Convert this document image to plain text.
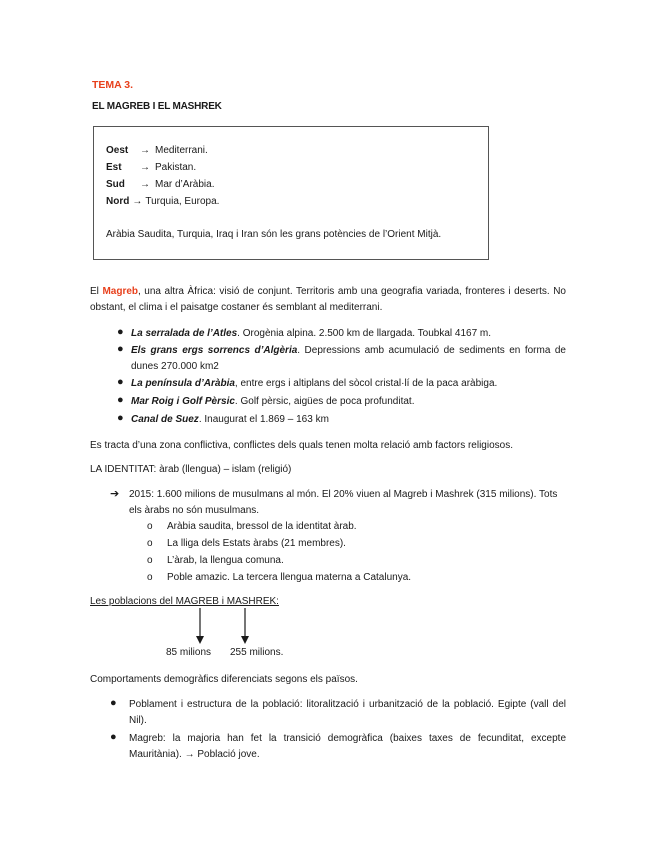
TEMA 3.
EL MAGREB I EL MASHREK
Oest → Mediterrani.
Est → Pakistan.
Sud → Mar d’Aràbia.
Nord → Turquia, Europa.
Aràbia Saudita, Turquia, Iraq i Iran són les grans potències de l’Orient Mitjà.
El Magreb, una altra Àfrica: visió de conjunt. Territoris amb una geografia variada, fronteres i deserts. No obstant, el clima i el paisatge costaner és semblant al mediterrani.
● La serralada de l’Atles. Orogènia alpina. 2.500 km de llargada. Toubkal 4167 m.
● Els grans ergs sorrencs d’Algèria. Depressions amb acumulació de sediments en forma de dunes 270.000 km2
● La península d’Aràbia, entre ergs i altiplans del sòcol cristal·lí de la paca aràbiga.
● Mar Roig i Golf Pèrsic. Golf pèrsic, aigües de poca profunditat.
● Canal de Suez. Inaugurat el 1.869 – 163 km
Es tracta d’una zona conflictiva, conflictes dels quals tenen molta relació amb factors religiosos.
LA IDENTITAT: àrab (llengua) – islam (religió)
➔ 2015: 1.600 milions de musulmans al món. El 20% viuen al Magreb i Mashrek (315 milions). Tots els àrabs no són musulmans.
o Aràbia saudita, bressol de la identitat àrab.
o La lliga dels Estats àrabs (21 membres).
o L’àrab, la llengua comuna.
o Poble amazic. La tercera llengua materna a Catalunya.
Les poblacions del MAGREB i MASHREK:
85 milions 255 milions.
Comportaments demogràfics diferenciats segons els països.
● Poblament i estructura de la població: litoralització i urbanització de la població. Egipte (vall del Nil).
● Magreb: la majoria han fet la transició demogràfica (baixes taxes de fecunditat, excepte Mauritània). → Població jove.
